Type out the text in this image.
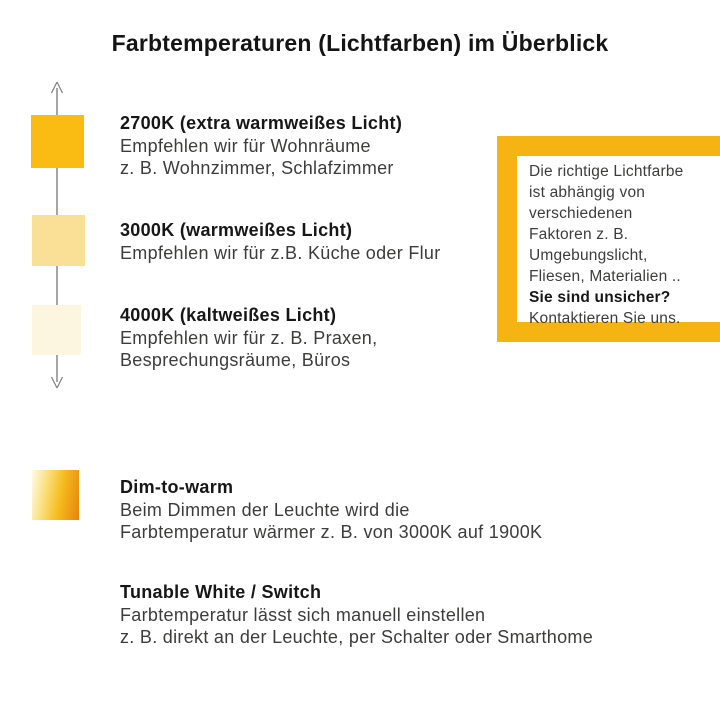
Farbtemperaturen (Lichtfarben) im Überblick
2700K (extra warmweißes Licht)
Empfehlen wir für Wohnräume
z. B. Wohnzimmer, Schlafzimmer
3000K (warmweißes Licht)
Empfehlen wir für z.B. Küche oder Flur
4000K (kaltweißes Licht)
Empfehlen wir für z. B. Praxen,
Besprechungsräume, Büros
Die richtige Lichtfarbe
ist abhängig von
verschiedenen
Faktoren z. B.
Umgebungslicht,
Fliesen, Materialien ..
Sie sind unsicher?
Kontaktieren Sie uns.
Dim-to-warm
Beim Dimmen der Leuchte wird die
Farbtemperatur wärmer z. B. von 3000K auf 1900K
Tunable White / Switch
Farbtemperatur lässt sich manuell einstellen
z. B. direkt an der Leuchte, per Schalter oder Smarthome
